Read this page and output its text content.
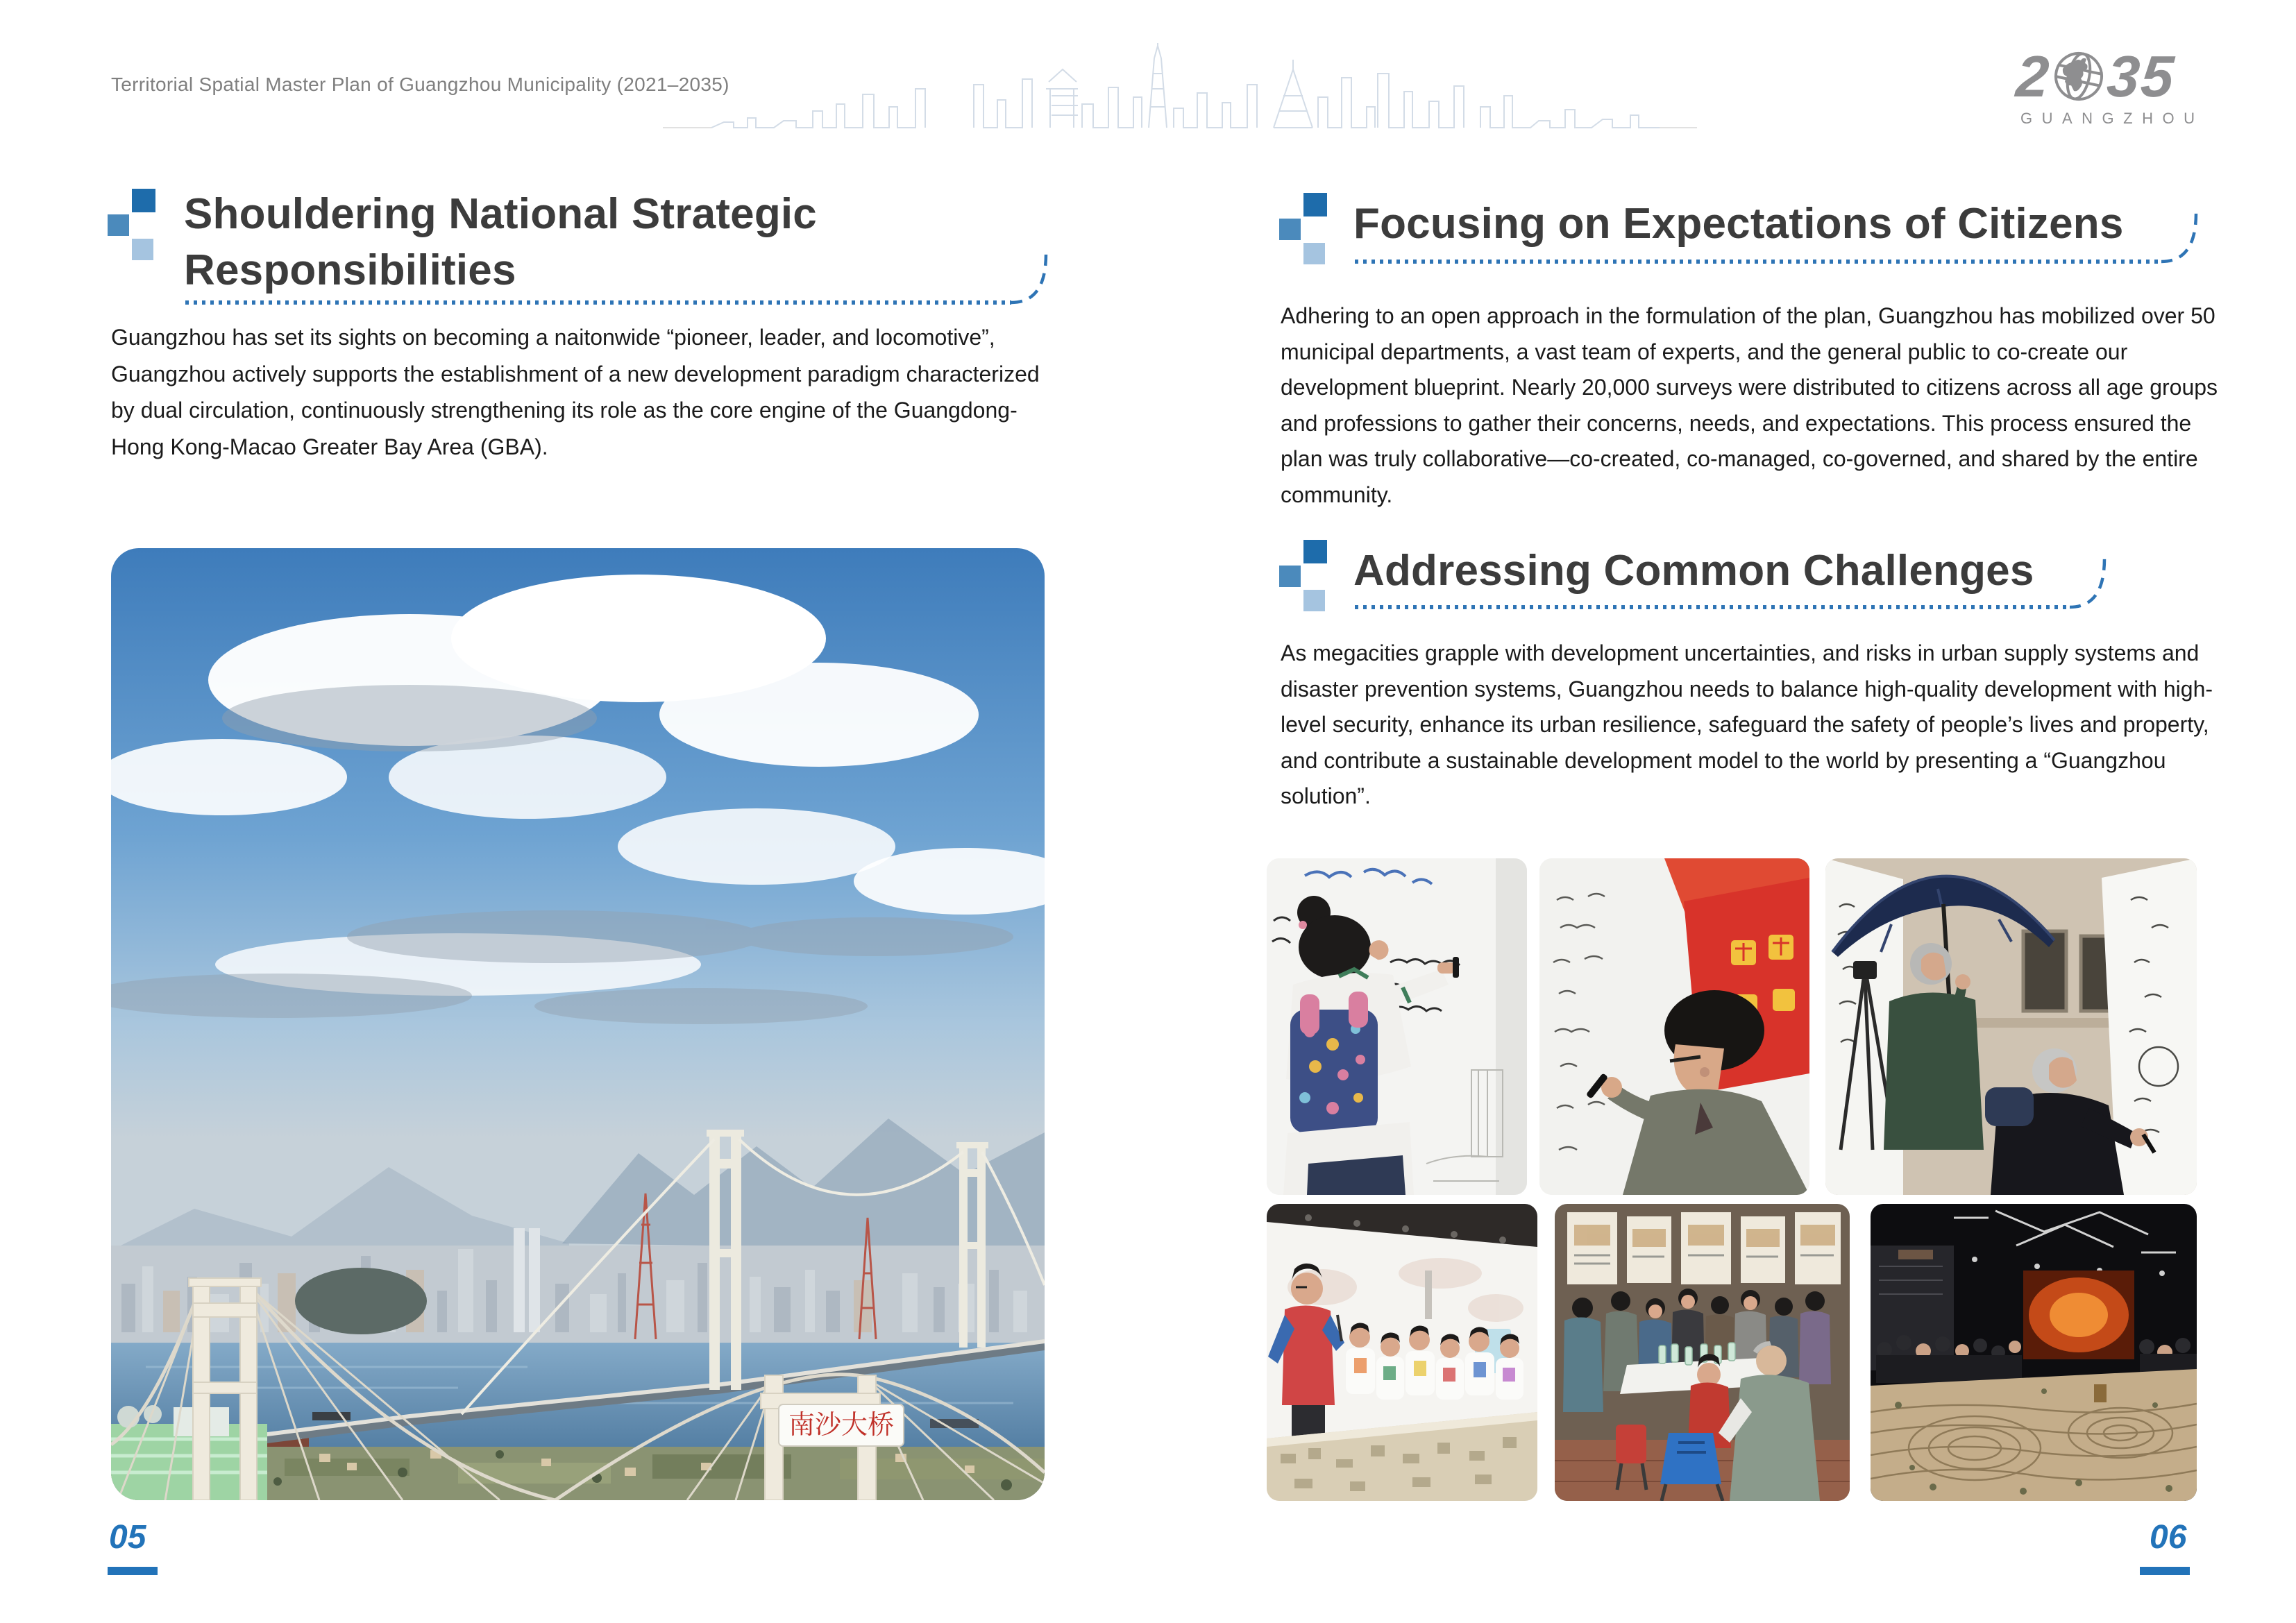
Territorial Spatial Master Plan of Guangzhou Municipality (2021–2035)	2 35
GUANGZHOU
Shouldering National Strategic Responsibilities
Guangzhou has set its sights on becoming a naitonwide “pioneer, leader, and locomotive”, Guangzhou actively supports the establishment of a new development paradigm characterized by dual circulation, continuously strengthening its role as the core engine of the Guangdong-Hong Kong-Macao Greater Bay Area (GBA).
南沙大桥
05
Focusing on Expectations of Citizens
Adhering to an open approach in the formulation of the plan, Guangzhou has mobilized over 50 municipal departments, a vast team of experts, and the general public to co-create our development blueprint. Nearly 20,000 surveys were distributed to citizens across all age groups and professions to gather their concerns, needs, and expectations. This process ensured the plan was truly collaborative—co-created, co-managed, co-governed, and shared by the entire community.
Addressing Common Challenges
As megacities grapple with development uncertainties, and risks in urban supply systems and disaster prevention systems, Guangzhou needs to balance high-quality development with high-level security, enhance its urban resilience, safeguard the safety of people’s lives and property, and contribute a sustainable development model to the world by presenting a “Guangzhou solution”.
06
